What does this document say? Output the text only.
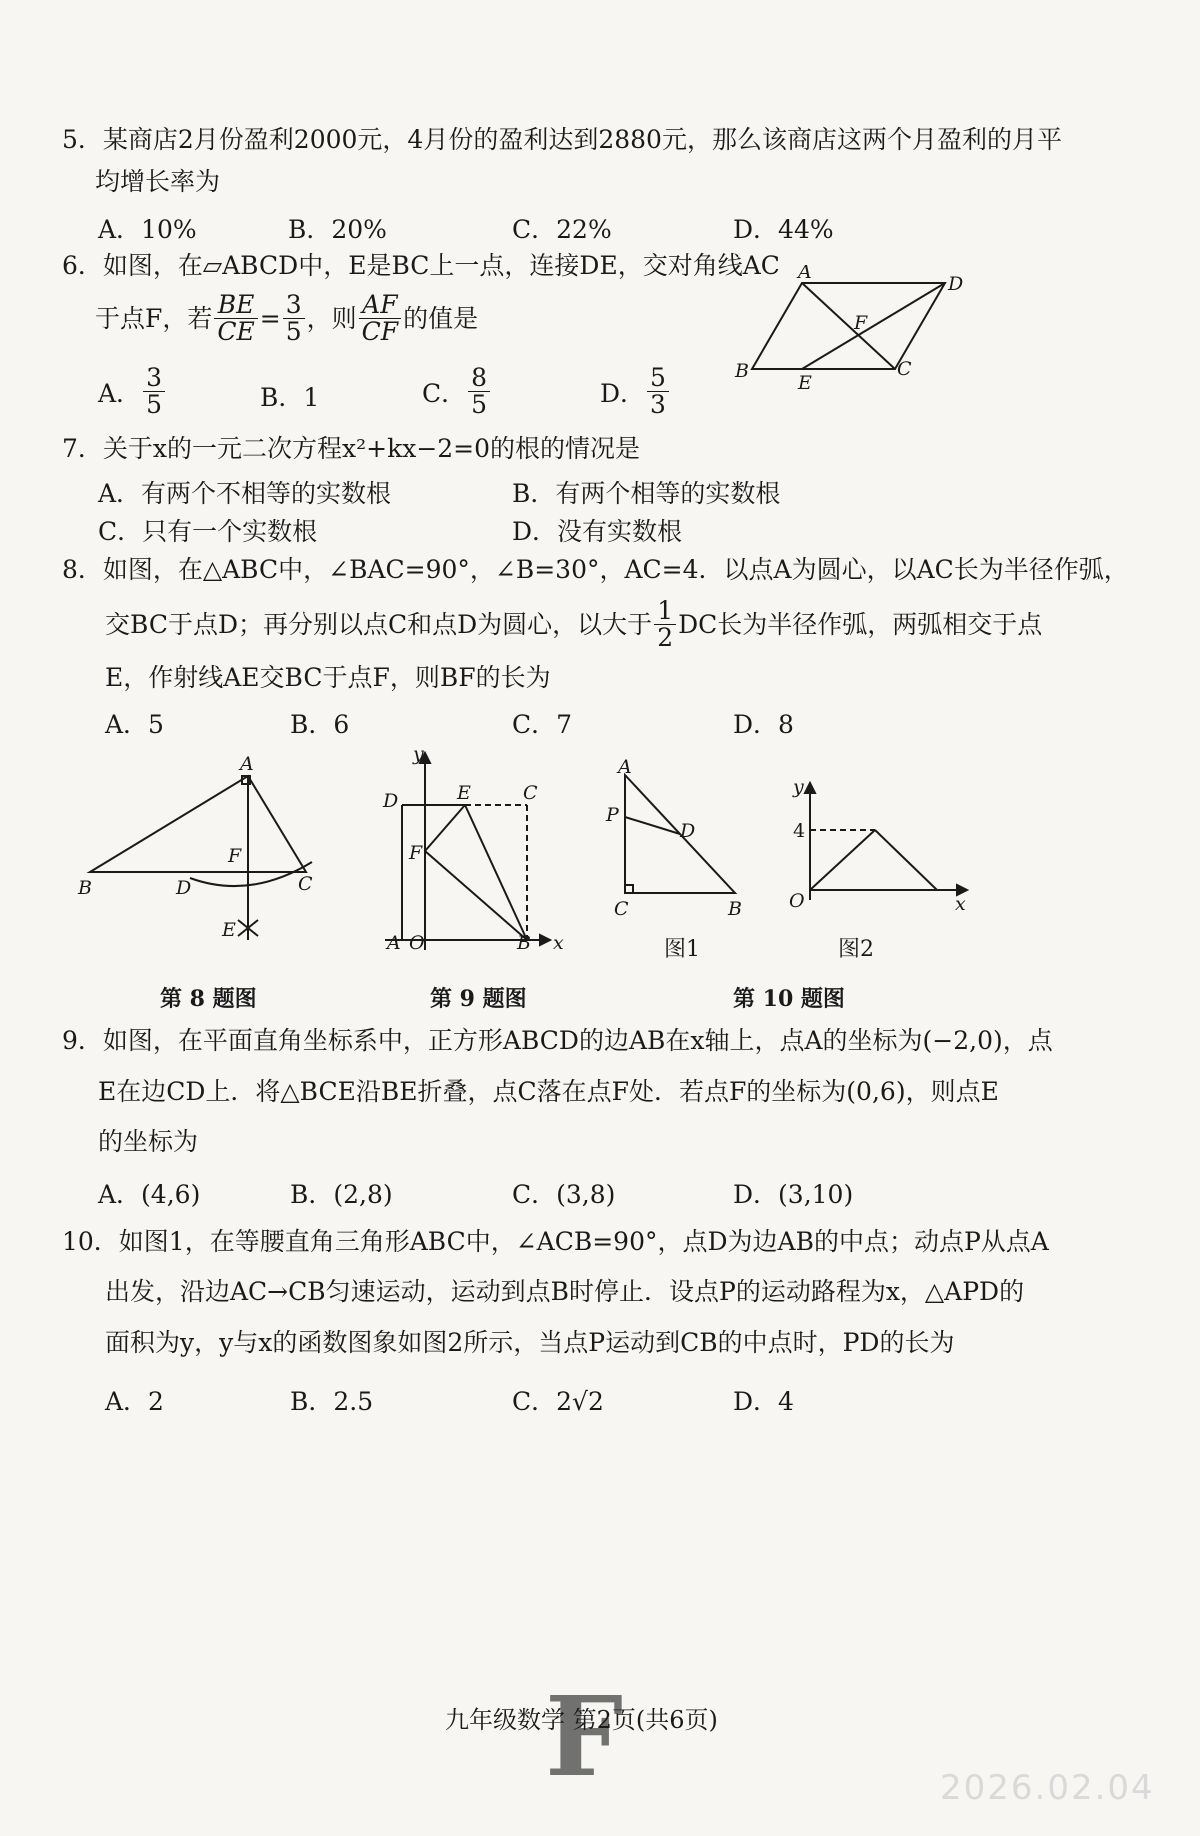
5．某商店2月份盈利2000元，4月份的盈利达到2880元，那么该商店这两个月盈利的月平
均增长率为
A．10%	B．20%	C．22%	D．44%
6．如图，在▱ABCD中，E是BC上一点，连接DE，交对角线AC
于点F，若 $\frac{BE}{CE} = \frac{3}{5}$ ，则 $\frac{AF}{CF}$ 的值是
A． $\frac{3}{5}$	B．1	C． $\frac{8}{5}$	D． $\frac{5}{3}$
A
D
F
B
E
C
7．关于x的一元二次方程x²+kx−2=0的根的情况是
A．有两个不相等的实数根	B．有两个相等的实数根
C．只有一个实数根	D．没有实数根
8．如图，在△ABC中，∠BAC=90°，∠B=30°，AC=4．以点A为圆心，以AC长为半径作弧，
交BC于点D；再分别以点C和点D为圆心，以大于 $\frac{1}{2}$ DC长为半径作弧，两弧相交于点
E，作射线AE交BC于点F，则BF的长为
A．5	B．6	C．7	D．8
A
F
B	D	C
E
y
D	E	C
F
A O	B x
A
P
D
C	B
图1
y
4
O	x
图2
第 8 题图	第 9 题图	第 10 题图
9．如图，在平面直角坐标系中，正方形ABCD的边AB在x轴上，点A的坐标为(−2,0)，点
E在边CD上．将△BCE沿BE折叠，点C落在点F处．若点F的坐标为(0,6)，则点E
的坐标为
A．(4,6)	B．(2,8)	C．(3,8)	D．(3,10)
10．如图1，在等腰直角三角形ABC中，∠ACB=90°，点D为边AB的中点；动点P从点A
出发，沿边AC→CB匀速运动，运动到点B时停止．设点P的运动路程为x，△APD的
面积为y，y与x的函数图象如图2所示，当点P运动到CB的中点时，PD的长为
A．2	B．2.5	C．2√2	D．4
F
九年级数学 第2页(共6页)
2026.02.04
